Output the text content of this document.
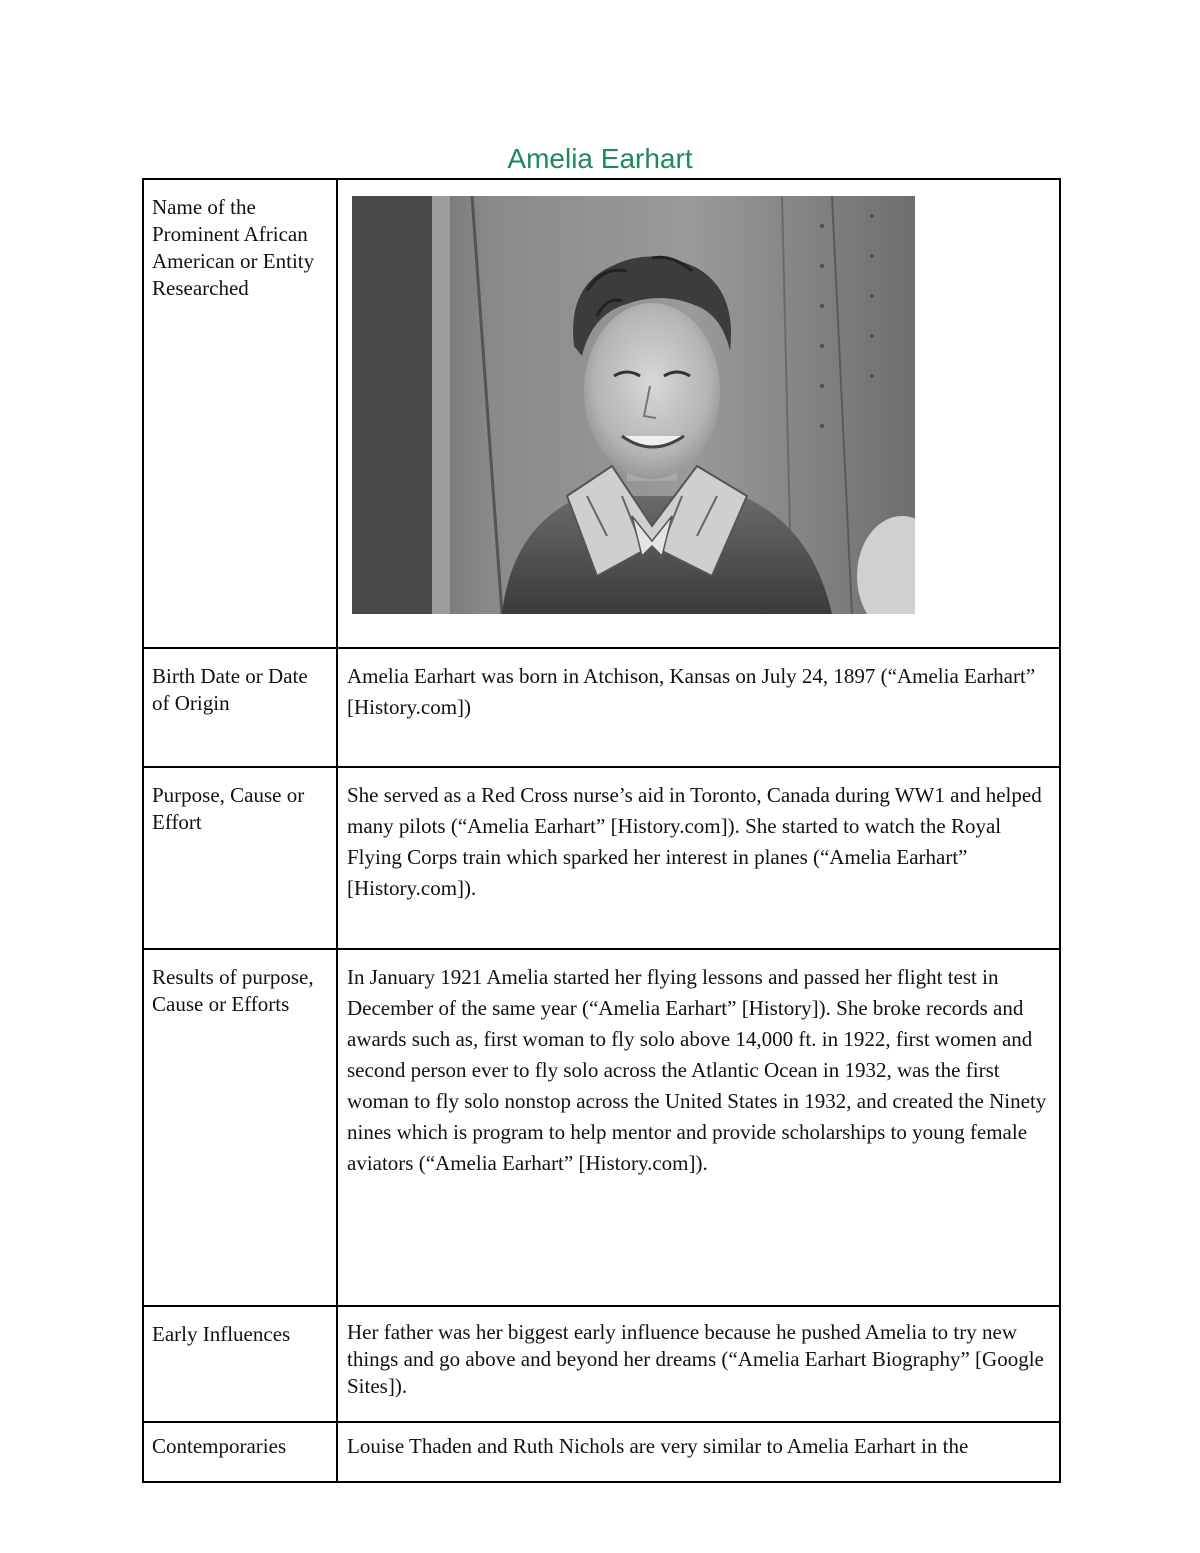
Amelia Earhart
Name of the Prominent African American or Entity Researched	

Birth Date or Date of Origin	Amelia Earhart was born in Atchison, Kansas on July 24, 1897 (“Amelia Earhart” [History.com])
Purpose, Cause or Effort	She served as a Red Cross nurse’s aid in Toronto, Canada during WW1 and helped many pilots (“Amelia Earhart” [History.com]). She started to watch the Royal Flying Corps train which sparked her interest in planes (“Amelia Earhart” [History.com]).
Results of purpose, Cause or Efforts	In January 1921 Amelia started her flying lessons and passed her flight test in December of the same year (“Amelia Earhart” [History]). She broke records and awards such as, first woman to fly solo above 14,000 ft. in 1922, first women and second person ever to fly solo across the Atlantic Ocean in 1932, was the first woman to fly solo nonstop across the United States in 1932, and created the Ninety nines which is program to help mentor and provide scholarships to young female aviators (“Amelia Earhart” [History.com]).
Early Influences	Her father was her biggest early influence because he pushed Amelia to try new things and go above and beyond her dreams (“Amelia Earhart Biography” [Google Sites]).
Contemporaries	Louise Thaden and Ruth Nichols are very similar to Amelia Earhart in the
